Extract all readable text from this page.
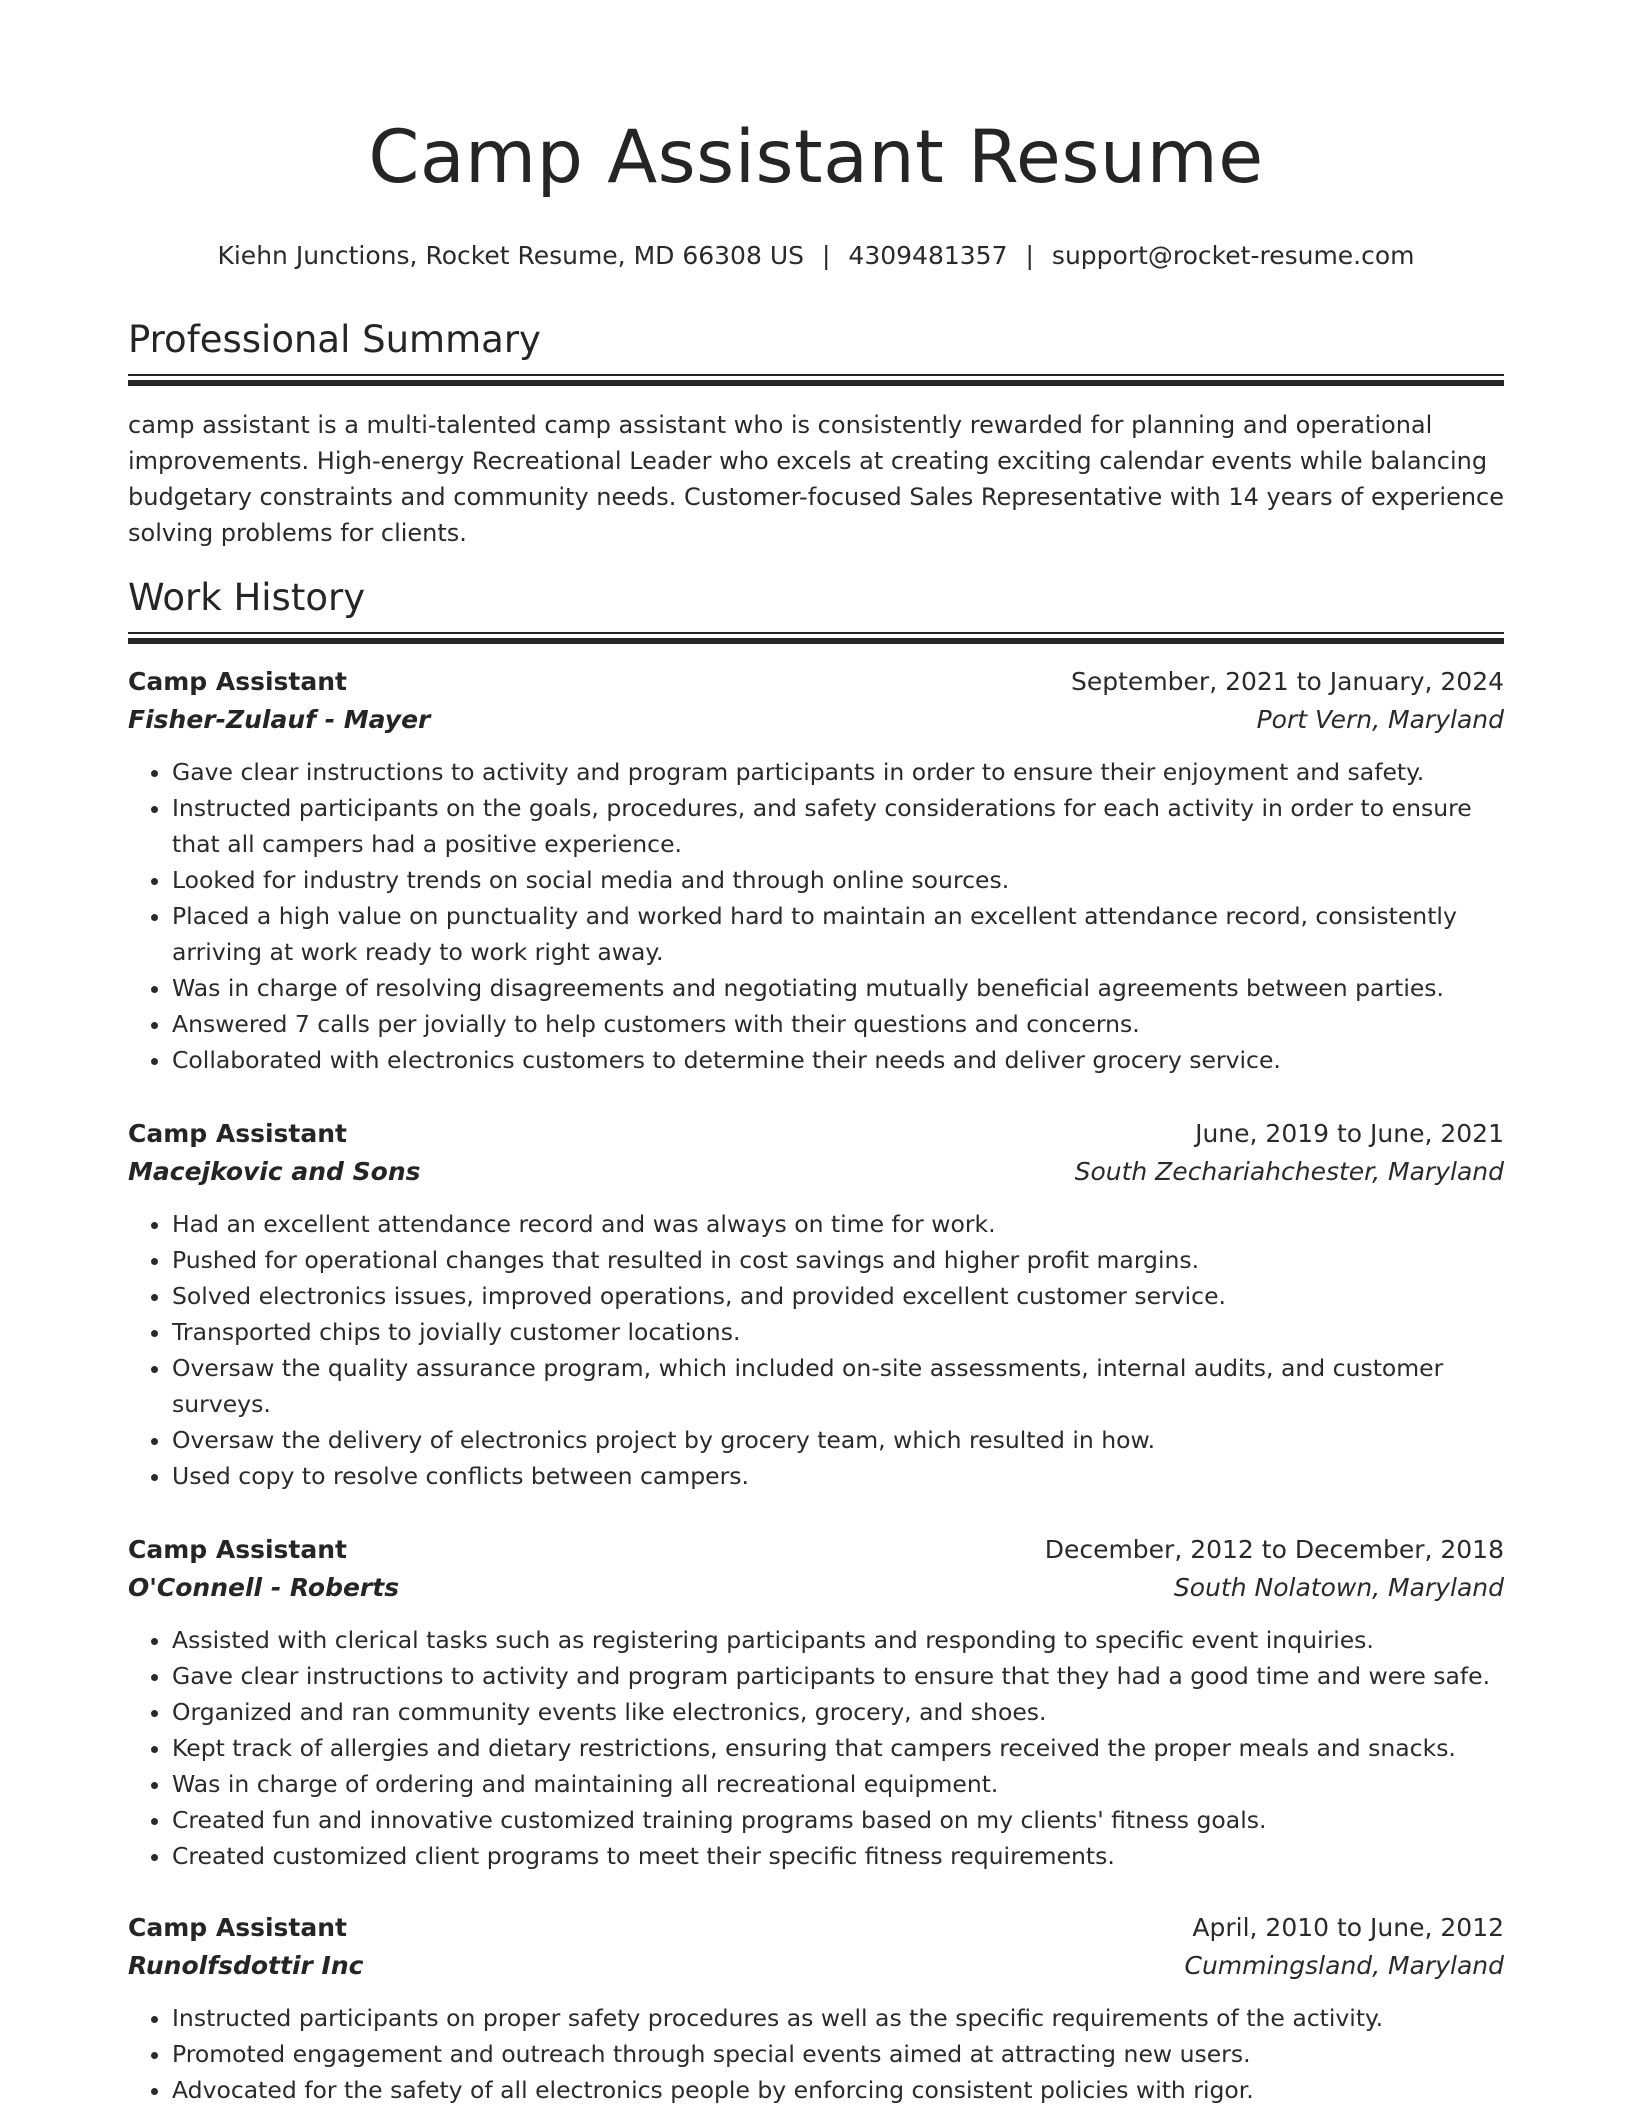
Camp Assistant Resume
Kiehn Junctions, Rocket Resume, MD 66308 US | 4309481357 | support@rocket-resume.com
Professional Summary

camp assistant is a multi-talented camp assistant who is consistently rewarded for planning and operational improvements. High-energy Recreational Leader who excels at creating exciting calendar events while balancing budgetary constraints and community needs. Customer-focused Sales Representative with 14 years of experience solving problems for clients.

Work History
Camp Assistant	September, 2021 to January, 2024
Fisher-Zulauf - Mayer	Port Vern, Maryland
• Gave clear instructions to activity and program participants in order to ensure their enjoyment and safety.
• Instructed participants on the goals, procedures, and safety considerations for each activity in order to ensure that all campers had a positive experience.
• Looked for industry trends on social media and through online sources.
• Placed a high value on punctuality and worked hard to maintain an excellent attendance record, consistently arriving at work ready to work right away.
• Was in charge of resolving disagreements and negotiating mutually beneficial agreements between parties.
• Answered 7 calls per jovially to help customers with their questions and concerns.
• Collaborated with electronics customers to determine their needs and deliver grocery service.
Camp Assistant	June, 2019 to June, 2021
Macejkovic and Sons	South Zechariahchester, Maryland
• Had an excellent attendance record and was always on time for work.
• Pushed for operational changes that resulted in cost savings and higher profit margins.
• Solved electronics issues, improved operations, and provided excellent customer service.
• Transported chips to jovially customer locations.
• Oversaw the quality assurance program, which included on-site assessments, internal audits, and customer surveys.
• Oversaw the delivery of electronics project by grocery team, which resulted in how.
• Used copy to resolve conflicts between campers.
Camp Assistant	December, 2012 to December, 2018
O'Connell - Roberts	South Nolatown, Maryland
• Assisted with clerical tasks such as registering participants and responding to specific event inquiries.
• Gave clear instructions to activity and program participants to ensure that they had a good time and were safe.
• Organized and ran community events like electronics, grocery, and shoes.
• Kept track of allergies and dietary restrictions, ensuring that campers received the proper meals and snacks.
• Was in charge of ordering and maintaining all recreational equipment.
• Created fun and innovative customized training programs based on my clients' fitness goals.
• Created customized client programs to meet their specific fitness requirements.
Camp Assistant	April, 2010 to June, 2012
Runolfsdottir Inc	Cummingsland, Maryland
• Instructed participants on proper safety procedures as well as the specific requirements of the activity.
• Promoted engagement and outreach through special events aimed at attracting new users.
• Advocated for the safety of all electronics people by enforcing consistent policies with rigor.
